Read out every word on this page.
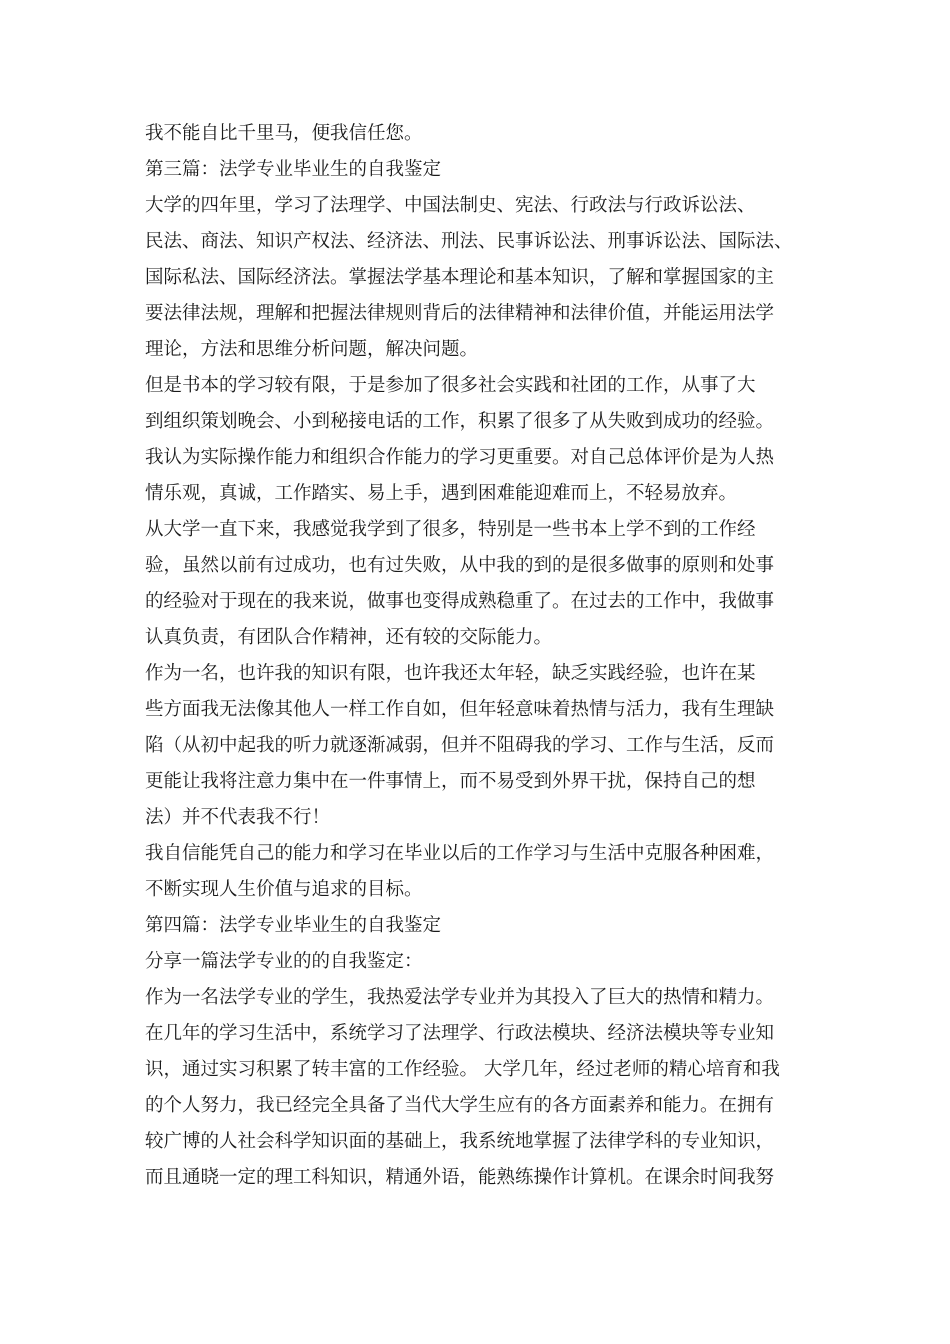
我不能自比千里马，便我信任您。
第三篇：法学专业毕业生的自我鉴定
大学的四年里，学习了法理学、中国法制史、宪法、行政法与行政诉讼法、
民法、商法、知识产权法、经济法、刑法、民事诉讼法、刑事诉讼法、国际法、
国际私法、国际经济法。掌握法学基本理论和基本知识，了解和掌握国家的主
要法律法规，理解和把握法律规则背后的法律精神和法律价值，并能运用法学
理论，方法和思维分析问题，解决问题。
但是书本的学习较有限，于是参加了很多社会实践和社团的工作，从事了大
到组织策划晚会、小到秘接电话的工作，积累了很多了从失败到成功的经验。
我认为实际操作能力和组织合作能力的学习更重要。对自己总体评价是为人热
情乐观，真诚，工作踏实、易上手，遇到困难能迎难而上，不轻易放弃。
从大学一直下来，我感觉我学到了很多，特别是一些书本上学不到的工作经
验，虽然以前有过成功，也有过失败，从中我的到的是很多做事的原则和处事
的经验对于现在的我来说，做事也变得成熟稳重了。在过去的工作中，我做事
认真负责，有团队合作精神，还有较的交际能力。
作为一名，也许我的知识有限，也许我还太年轻，缺乏实践经验，也许在某
些方面我无法像其他人一样工作自如，但年轻意味着热情与活力，我有生理缺
陷（从初中起我的听力就逐渐减弱，但并不阻碍我的学习、工作与生活，反而
更能让我将注意力集中在一件事情上，而不易受到外界干扰，保持自己的想
法）并不代表我不行！
我自信能凭自己的能力和学习在毕业以后的工作学习与生活中克服各种困难，
不断实现人生价值与追求的目标。
第四篇：法学专业毕业生的自我鉴定
分享一篇法学专业的的自我鉴定：
作为一名法学专业的学生，我热爱法学专业并为其投入了巨大的热情和精力。
在几年的学习生活中，系统学习了法理学、行政法模块、经济法模块等专业知
识，通过实习积累了转丰富的工作经验。 大学几年，经过老师的精心培育和我
的个人努力，我已经完全具备了当代大学生应有的各方面素养和能力。在拥有
较广博的人社会科学知识面的基础上，我系统地掌握了法律学科的专业知识，
而且通晓一定的理工科知识，精通外语，能熟练操作计算机。在课余时间我努
